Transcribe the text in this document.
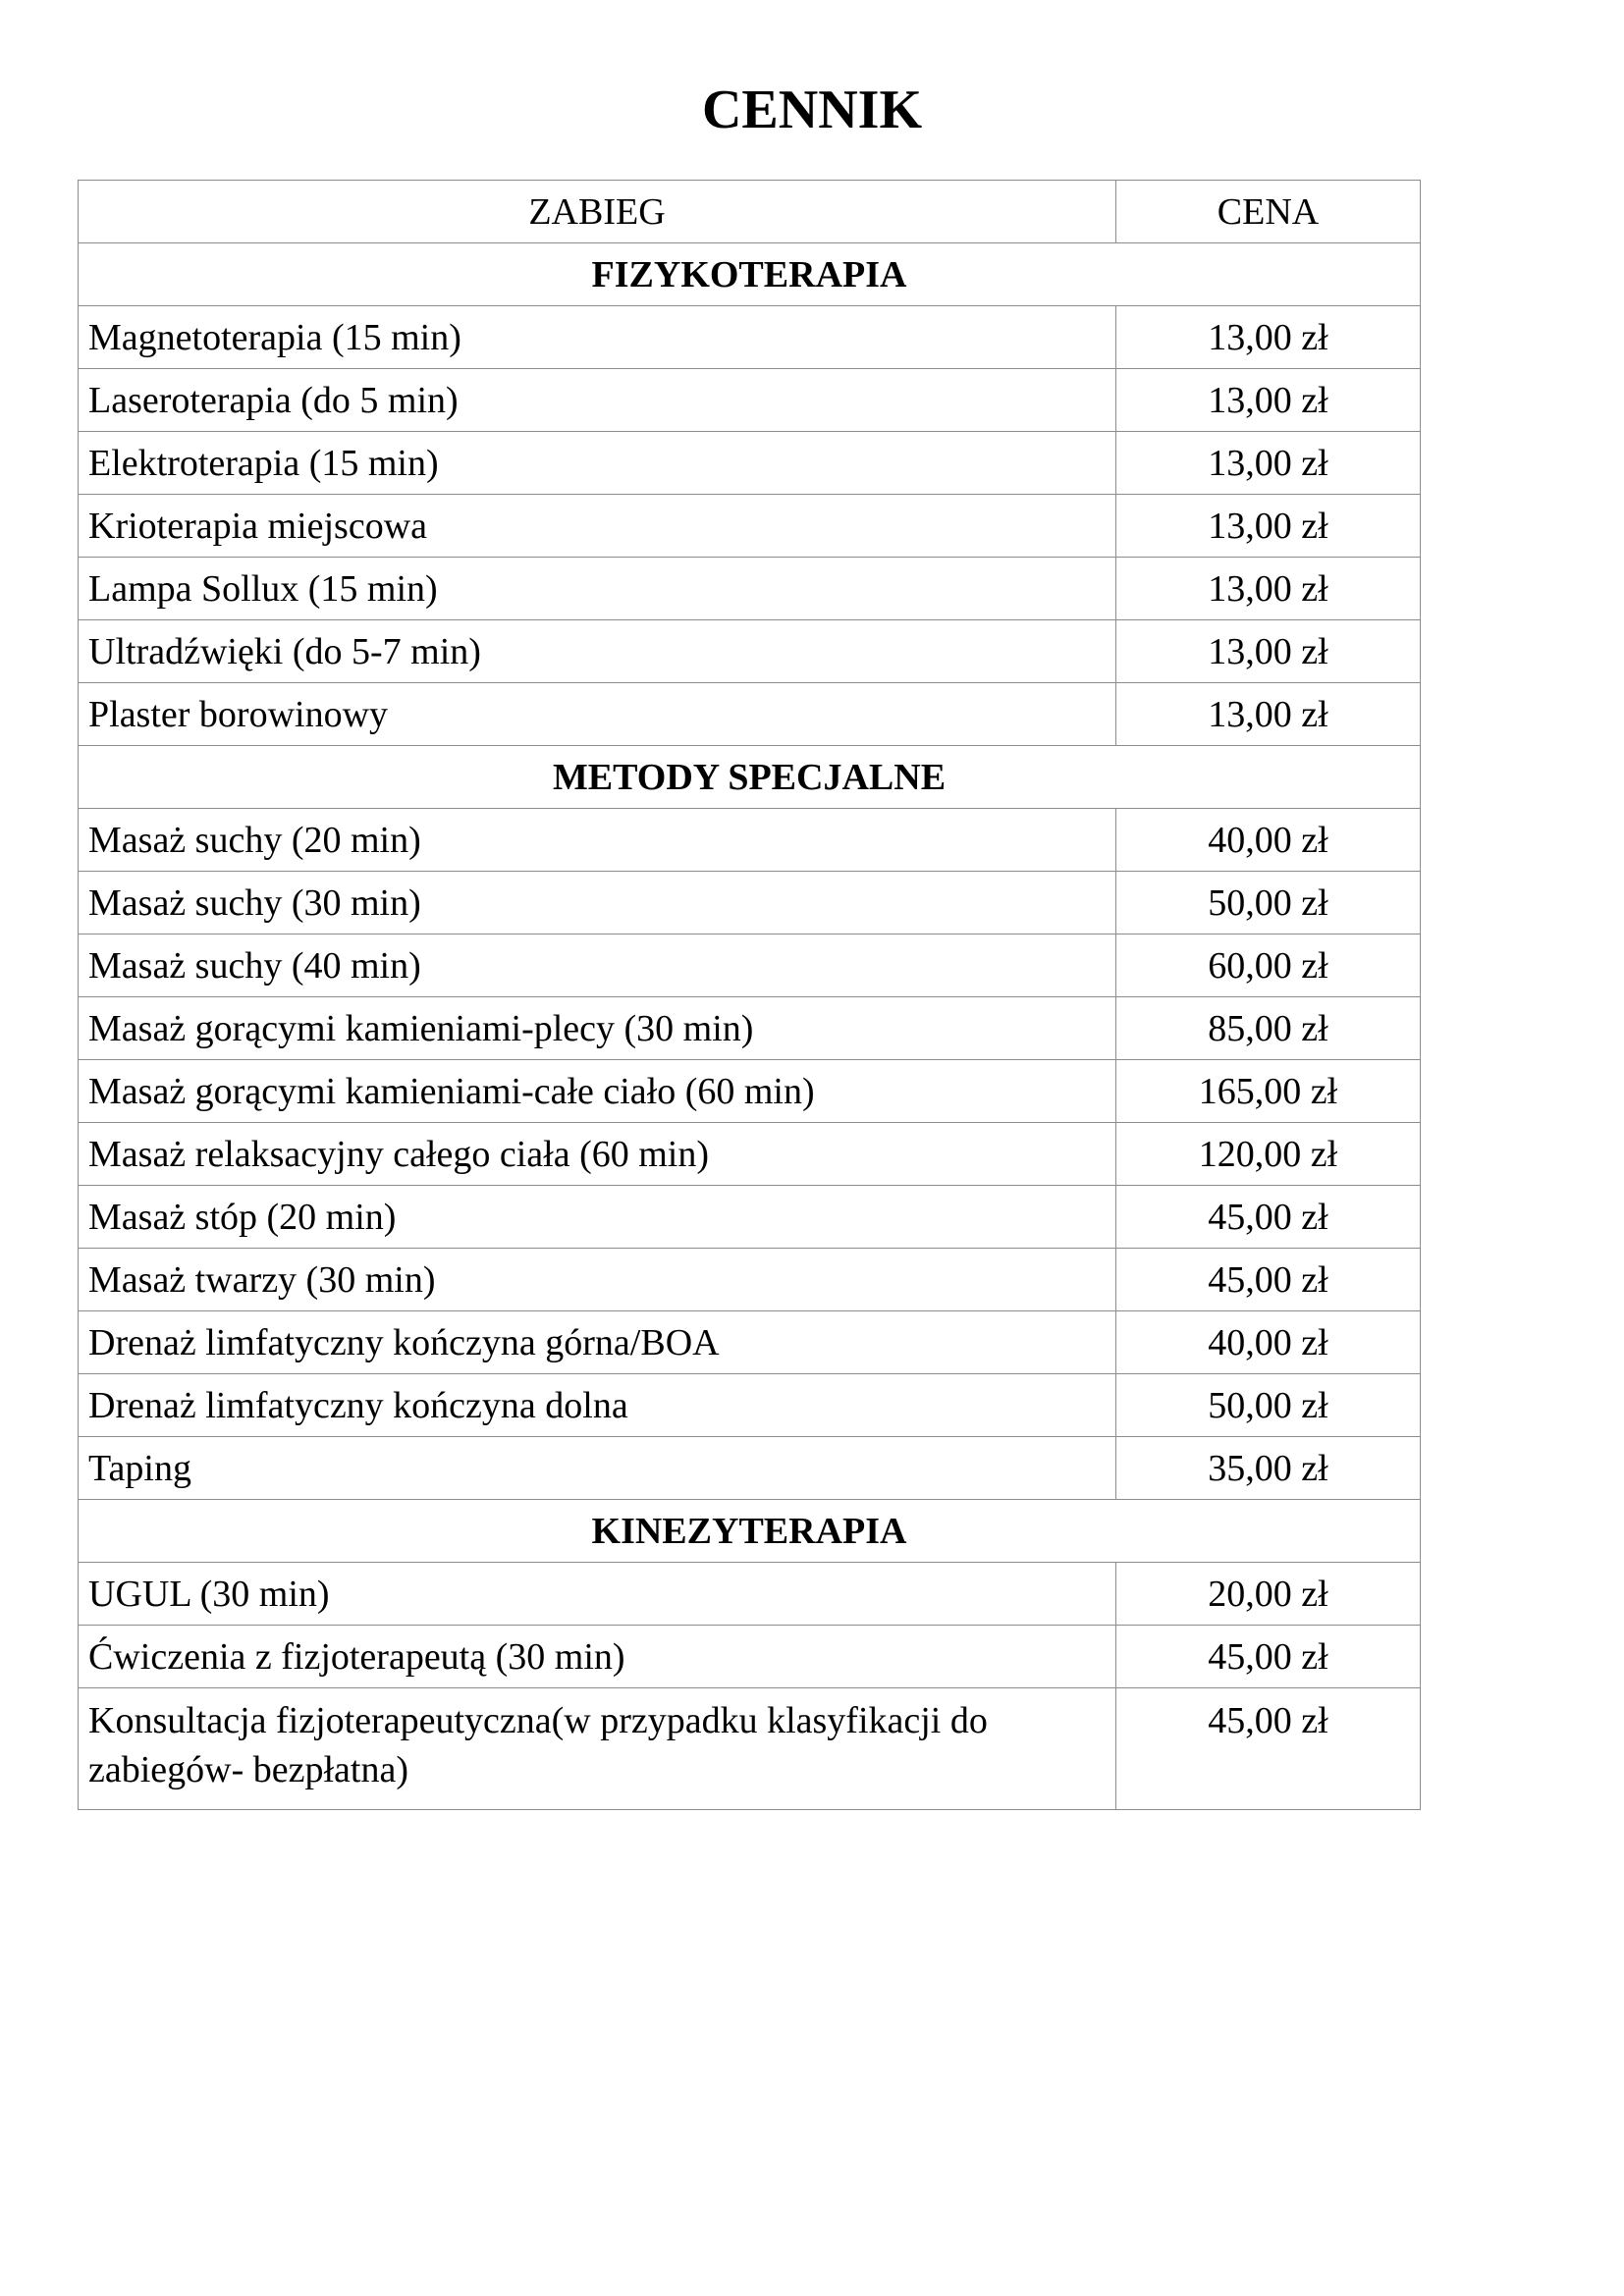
CENNIK
ZABIEG	CENA
FIZYKOTERAPIA	
Magnetoterapia (15 min)	13,00 zł
Laseroterapia (do 5 min)	13,00 zł
Elektroterapia (15 min)	13,00 zł
Krioterapia miejscowa	13,00 zł
Lampa Sollux (15 min)	13,00 zł
Ultradźwięki (do 5-7 min)	13,00 zł
Plaster borowinowy	13,00 zł
METODY SPECJALNE	
Masaż suchy (20 min)	40,00 zł
Masaż suchy (30 min)	50,00 zł
Masaż suchy (40 min)	60,00 zł
Masaż gorącymi kamieniami-plecy (30 min)	85,00 zł
Masaż gorącymi kamieniami-całe ciało (60 min)	165,00 zł
Masaż relaksacyjny całego ciała (60 min)	120,00 zł
Masaż stóp (20 min)	45,00 zł
Masaż twarzy (30 min)	45,00 zł
Drenaż limfatyczny kończyna górna/BOA	40,00 zł
Drenaż limfatyczny kończyna dolna	50,00 zł
Taping	35,00 zł
KINEZYTERAPIA	
UGUL (30 min)	20,00 zł
Ćwiczenia z fizjoterapeutą (30 min)	45,00 zł
Konsultacja fizjoterapeutyczna(w przypadku klasyfikacji do zabiegów- bezpłatna)	45,00 zł
